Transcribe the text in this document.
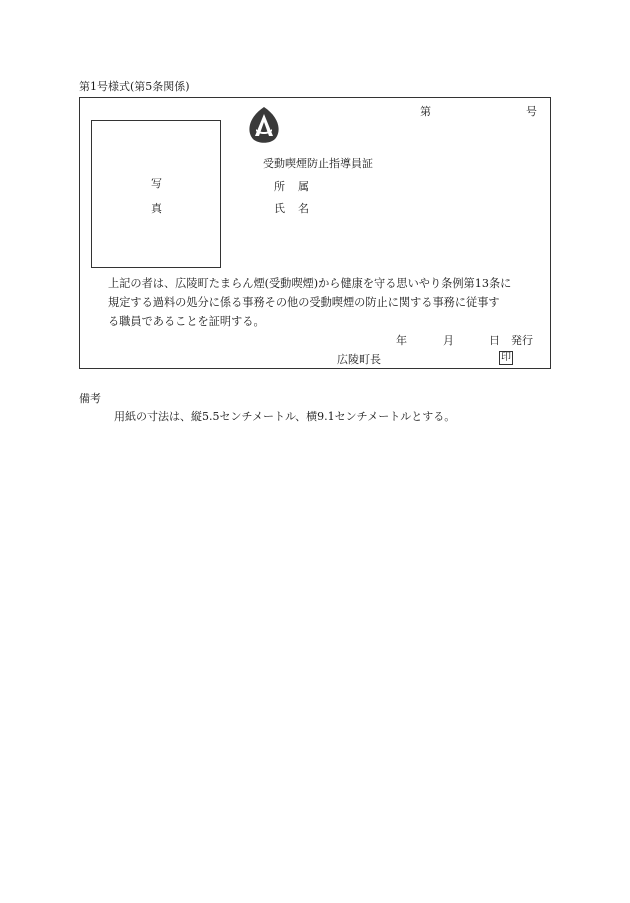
第1号様式(第5条関係)
写
真
第	号
受動喫煙防止指導員証
所 属
氏 名
上記の者は、広陵町たまらん煙(受動喫煙)から健康を守る思いやり条例第13条に
規定する過料の処分に係る事務その他の受動喫煙の防止に関する事務に従事す
る職員であることを証明する。
年	月	日 発行
広陵町長	印
備考
用紙の寸法は、縦5.5センチメートル、横9.1センチメートルとする。
